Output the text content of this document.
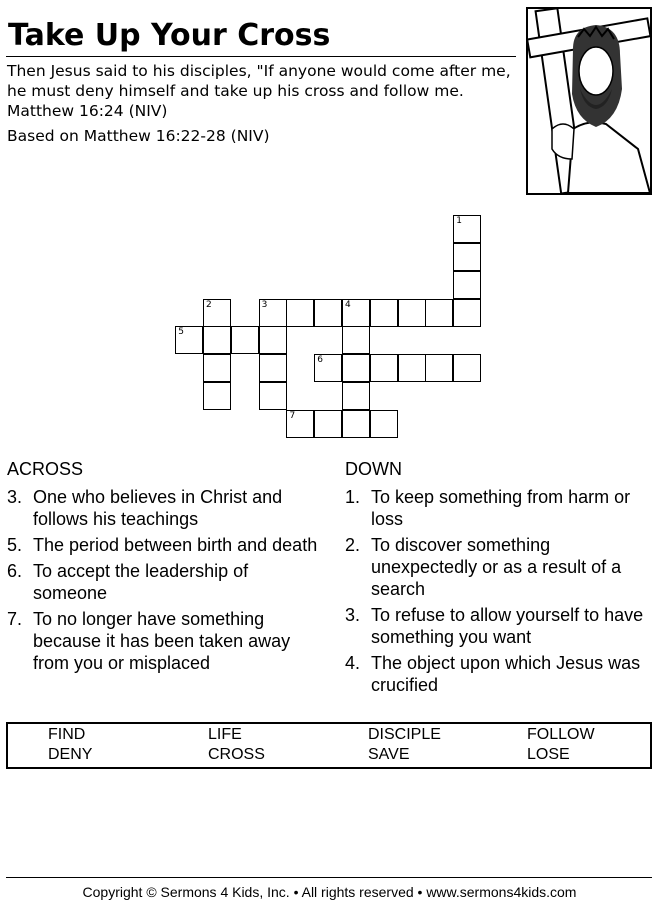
Take Up Your Cross
Then Jesus said to his disciples, "If anyone would come after me, he must deny himself and take up his cross and follow me. Matthew 16:24 (NIV)
Based on Matthew 16:22-28 (NIV)
1
2	3	4
5
6
7
ACROSS
3. One who believes in Christ and follows his teachings
5. The period between birth and death
6. To accept the leadership of someone
7. To no longer have something because it has been taken away from you or misplaced
DOWN
1. To keep something from harm or loss
2. To discover something unexpectedly or as a result of a search
3. To refuse to allow yourself to have something you want
4. The object upon which Jesus was crucified
FIND	LIFE	DISCIPLE	FOLLOW
DENY	CROSS	SAVE	LOSE
Copyright © Sermons 4 Kids, Inc. • All rights reserved • www.sermons4kids.com
